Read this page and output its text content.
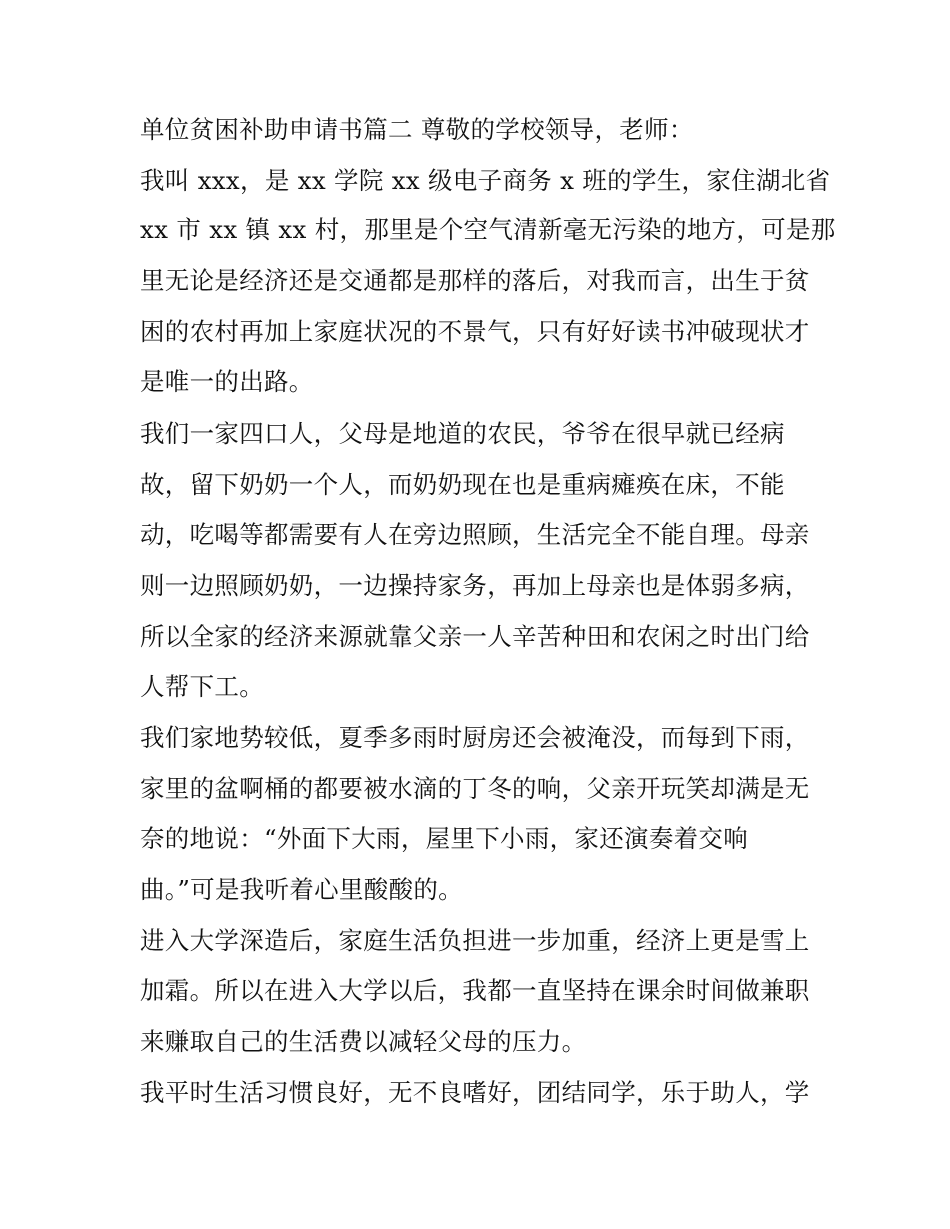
单位贫困补助申请书篇二 尊敬的学校领导，老师：
我叫 xxx，是 xx 学院 xx 级电子商务 x 班的学生，家住湖北省
xx 市 xx 镇 xx 村，那里是个空气清新毫无污染的地方，可是那
里无论是经济还是交通都是那样的落后，对我而言，出生于贫
困的农村再加上家庭状况的不景气，只有好好读书冲破现状才
是唯一的出路。
我们一家四口人，父母是地道的农民，爷爷在很早就已经病
故，留下奶奶一个人，而奶奶现在也是重病瘫痪在床，不能
动，吃喝等都需要有人在旁边照顾，生活完全不能自理。母亲
则一边照顾奶奶，一边操持家务，再加上母亲也是体弱多病，
所以全家的经济来源就靠父亲一人辛苦种田和农闲之时出门给
人帮下工。
我们家地势较低，夏季多雨时厨房还会被淹没，而每到下雨，
家里的盆啊桶的都要被水滴的丁冬的响，父亲开玩笑却满是无
奈的地说：“外面下大雨，屋里下小雨，家还演奏着交响
曲。”可是我听着心里酸酸的。
进入大学深造后，家庭生活负担进一步加重，经济上更是雪上
加霜。所以在进入大学以后，我都一直坚持在课余时间做兼职
来赚取自己的生活费以减轻父母的压力。
我平时生活习惯良好，无不良嗜好，团结同学，乐于助人，学
